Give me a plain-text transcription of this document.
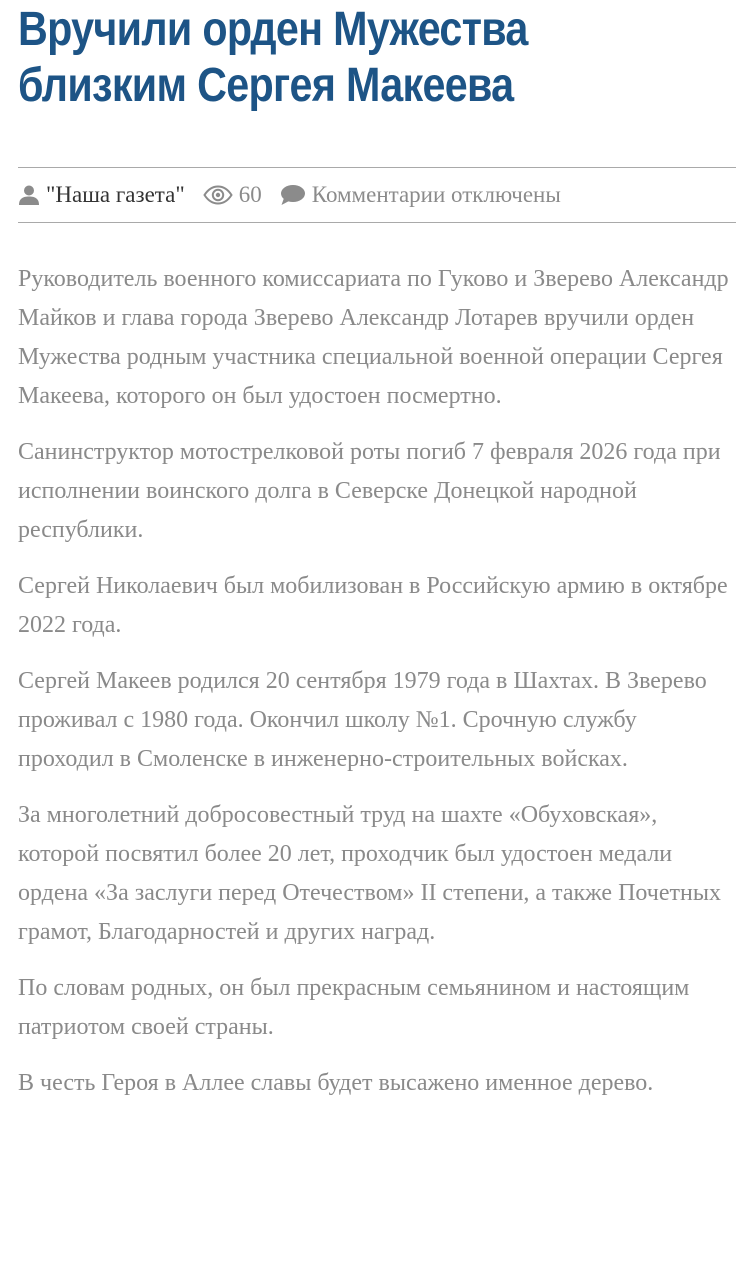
Вручили орден Мужества
близким Сергея Макеева
"Наша газета" 60 Комментарии отключены

Руководитель военного комиссариата по Гуково и Зверево Александр Майков и глава города Зверево Александр Лотарев вручили орден Мужества родным участника специальной военной операции Сергея Макеева, которого он был удостоен посмертно.

Санинструктор мотострелковой роты погиб 7 февраля 2026 года при исполнении воинского долга в Северске Донецкой народной республики.

Сергей Николаевич был мобилизован в Российскую армию в октябре 2022 года.

Сергей Макеев родился 20 сентября 1979 года в Шахтах. В Зверево проживал с 1980 года. Окончил школу №1. Срочную службу проходил в Смоленске в инженерно-строительных войсках.

За многолетний добросовестный труд на шахте «Обуховская», которой посвятил более 20 лет, проходчик был удостоен медали ордена «За заслуги перед Отечеством» II степени, а также Почетных грамот, Благодарностей и других наград.

По словам родных, он был прекрасным семьянином и настоящим патриотом своей страны.

В честь Героя в Аллее славы будет высажено именное дерево.
